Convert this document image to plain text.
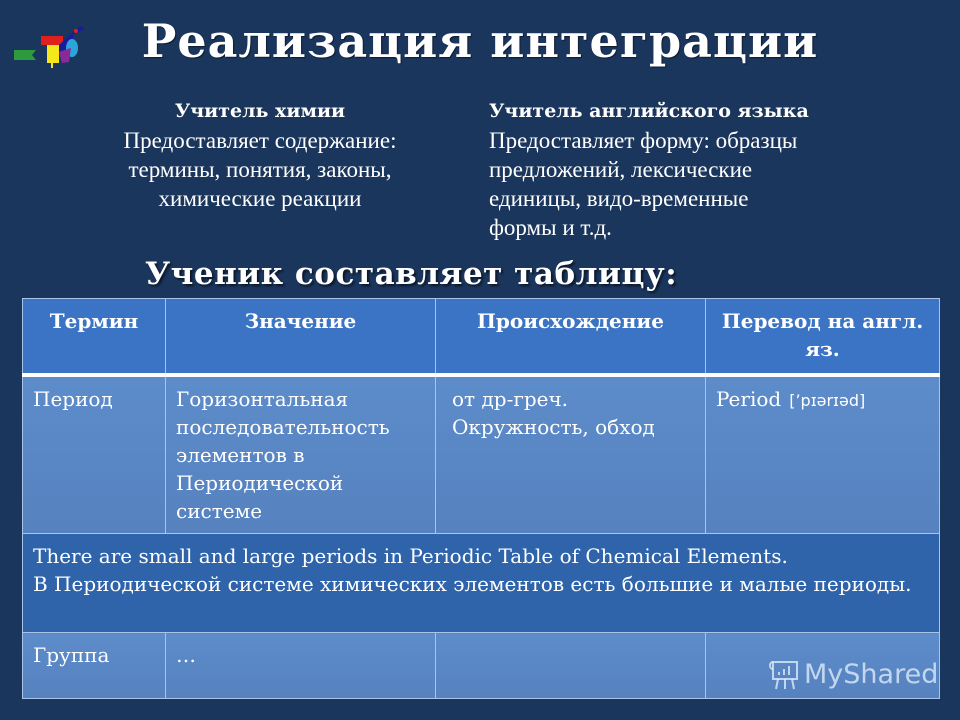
Реализация интеграции
Учитель химии
Предоставляет содержание:
термины, понятия, законы,
химические реакции
Учитель английского языка
Предоставляет форму: образцы
предложений, лексические
единицы, видо-временные
формы и т.д.
Ученик составляет таблицу:
Термин	Значение	Происхождение	Перевод на англ. яз.

Период	Горизонтальная последовательность элементов в Периодической системе	от др-греч. Окружность, обход	Period [’pɪərɪəd]

There are small and large periods in Periodic Table of Chemical Elements.
В Периодической системе химических элементов есть большие и малые периоды.			

Группа	…		

MyShared
